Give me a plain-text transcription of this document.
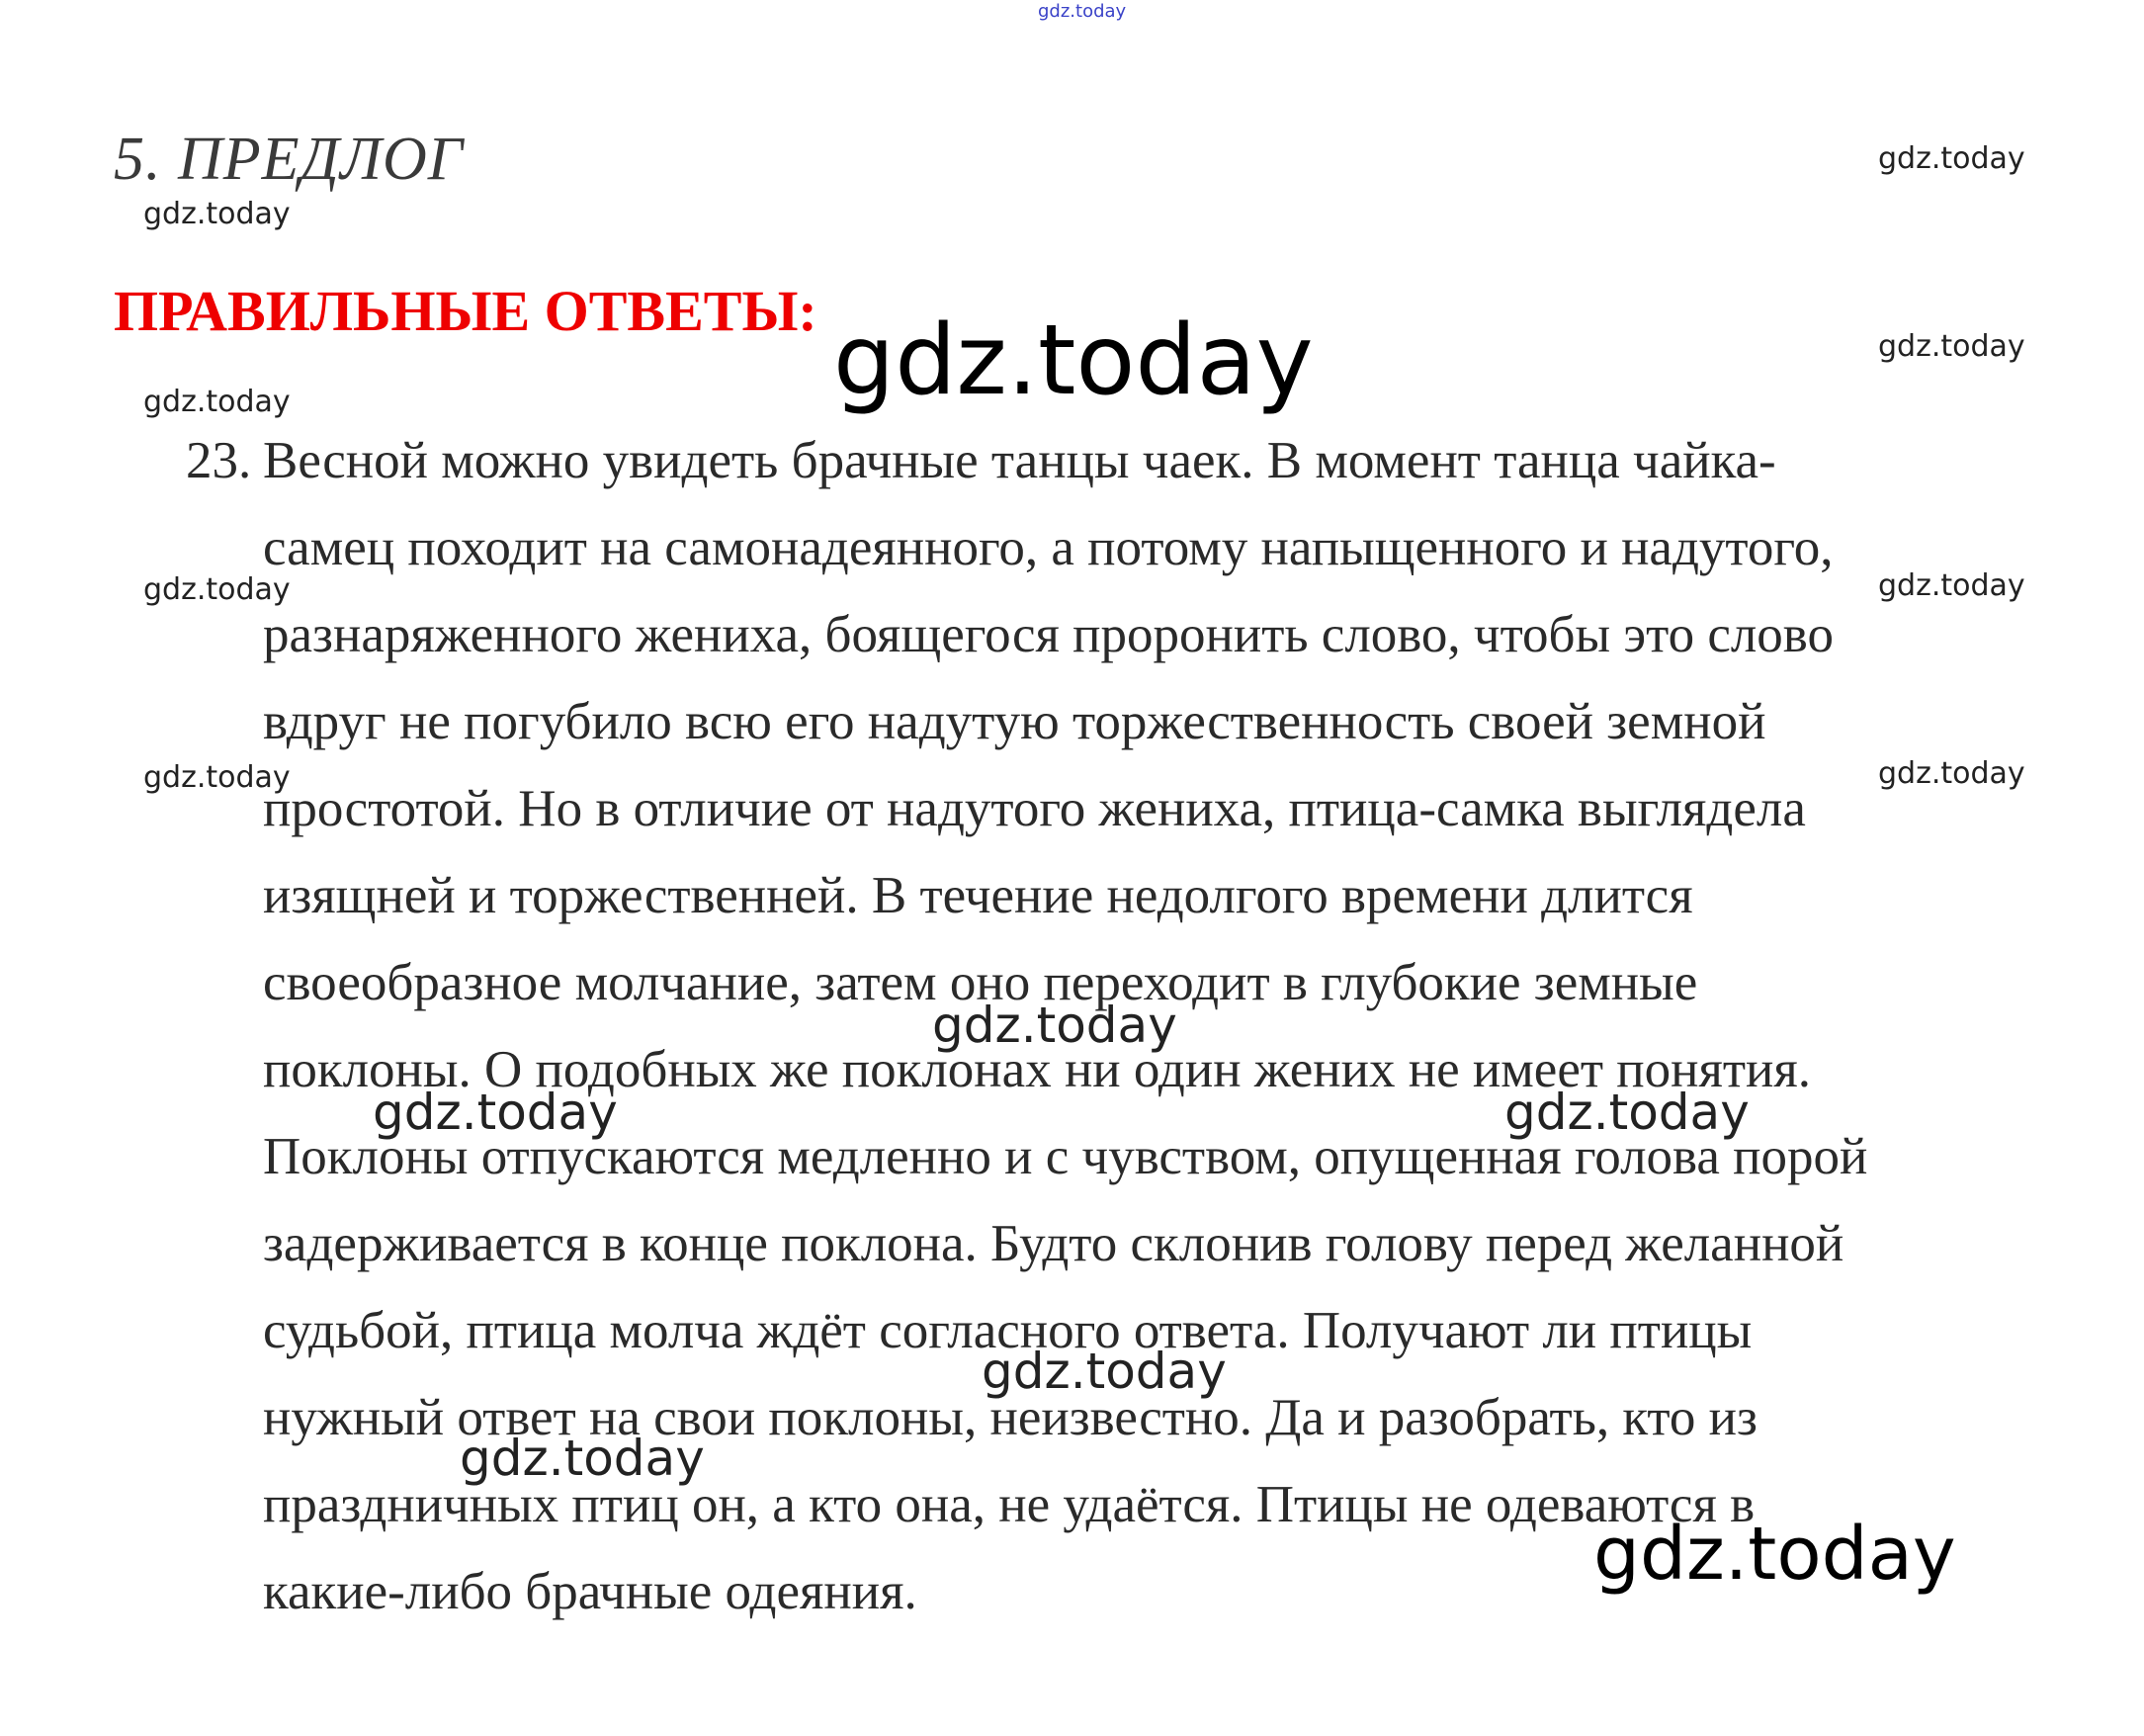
gdz.today
5. ПРЕДЛОГ
ПРАВИЛЬНЫЕ ОТВЕТЫ:
23. Весной можно увидеть брачные танцы чаек. В момент танца чайка-
самец походит на самонадеянного, а потому напыщенного и надутого,
разнаряженного жениха, боящегося проронить слово, чтобы это слово
вдруг не погубило всю его надутую торжественность своей земной
простотой. Но в отличие от надутого жениха, птица-самка выглядела
изящней и торжественней. В течение недолгого времени длится
своеобразное молчание, затем оно переходит в глубокие земные
поклоны. О подобных же поклонах ни один жених не имеет понятия.
Поклоны отпускаются медленно и с чувством, опущенная голова порой
задерживается в конце поклона. Будто склонив голову перед желанной
судьбой, птица молча ждёт согласного ответа. Получают ли птицы
нужный ответ на свои поклоны, неизвестно. Да и разобрать, кто из
праздничных птиц он, а кто она, не удаётся. Птицы не одеваются в
какие-либо брачные одеяния.
gdz.today
gdz.today
gdz.today
gdz.today
gdz.today
gdz.today
gdz.today
gdz.today
gdz.today
gdz.today
gdz.today
gdz.today	gdz.today
gdz.today
gdz.today
